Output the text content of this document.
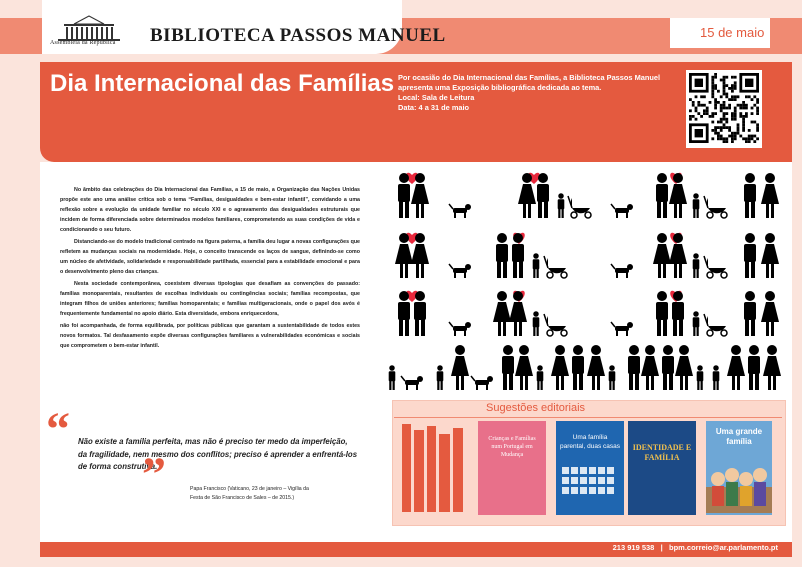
Assembleia da República BIBLIOTECA PASSOS MANUEL	15 de maio
Dia Internacional das Famílias Por ocasião do Dia Internacional das Famílias, a Biblioteca Passos Manuel
apresenta uma Exposição bibliográfica dedicada ao tema.
Local: Sala de Leitura
Data: 4 a 31 de maio

No âmbito das celebrações do Dia Internacional das Famílias, a 15 de maio, a Organização das Nações Unidas propõe este ano uma análise crítica sob o tema “Famílias, desigualdades e bem-estar infantil”, convidando a uma reflexão sobre a evolução da unidade familiar no século XXI e o agravamento das desigualdades estruturais que incidem de forma diferenciada sobre determinados modelos familiares, comprometendo as suas condições de vida e condicionando o seu futuro.

Distanciando-se do modelo tradicional centrado na figura paterna, a família deu lugar a novas configurações que refletem as mudanças sociais na modernidade. Hoje, o conceito transcende os laços de sangue, definindo-se como um núcleo de afetividade, solidariedade e responsabilidade partilhada, essencial para a estabilidade emocional e para o desenvolvimento pleno das crianças.

Nesta sociedade contemporânea, coexistem diversas tipologias que desafiam as convenções do passado: famílias monoparentais, resultantes de escolhas individuais ou contingências sociais; famílias recompostas, que integram filhos de uniões anteriores; famílias homoparentais; e famílias multigeracionais, onde o papel dos avós é frequentemente fundamental no apoio diário. Esta diversidade, embora enriquecedora,

não foi acompanhada, de forma equilibrada, por políticas públicas que garantam a sustentabilidade de todos estes novos formatos. Tal desfasamento expõe diversas configurações familiares a vulnerabilidades económicas e sociais que comprometem o bem-estar infantil.

“ Não existe a família perfeita, mas não é preciso ter medo da imperfeição, da fragilidade, nem mesmo dos conflitos; preciso é aprender a enfrentá-los de forma construtiva.
”	Papa Francisco (Vaticano, 23 de janeiro – Vigília da
Festa de São Francisco de Sales – de 2015.)
Sugestões editoriais
Crianças e Famílias num Portugal em Mudança
Uma família parental, duas casas	IDENTIDADE E FAMÍLIA
Uma grande família
213 919 538   |   bpm.correio@ar.parlamento.pt
